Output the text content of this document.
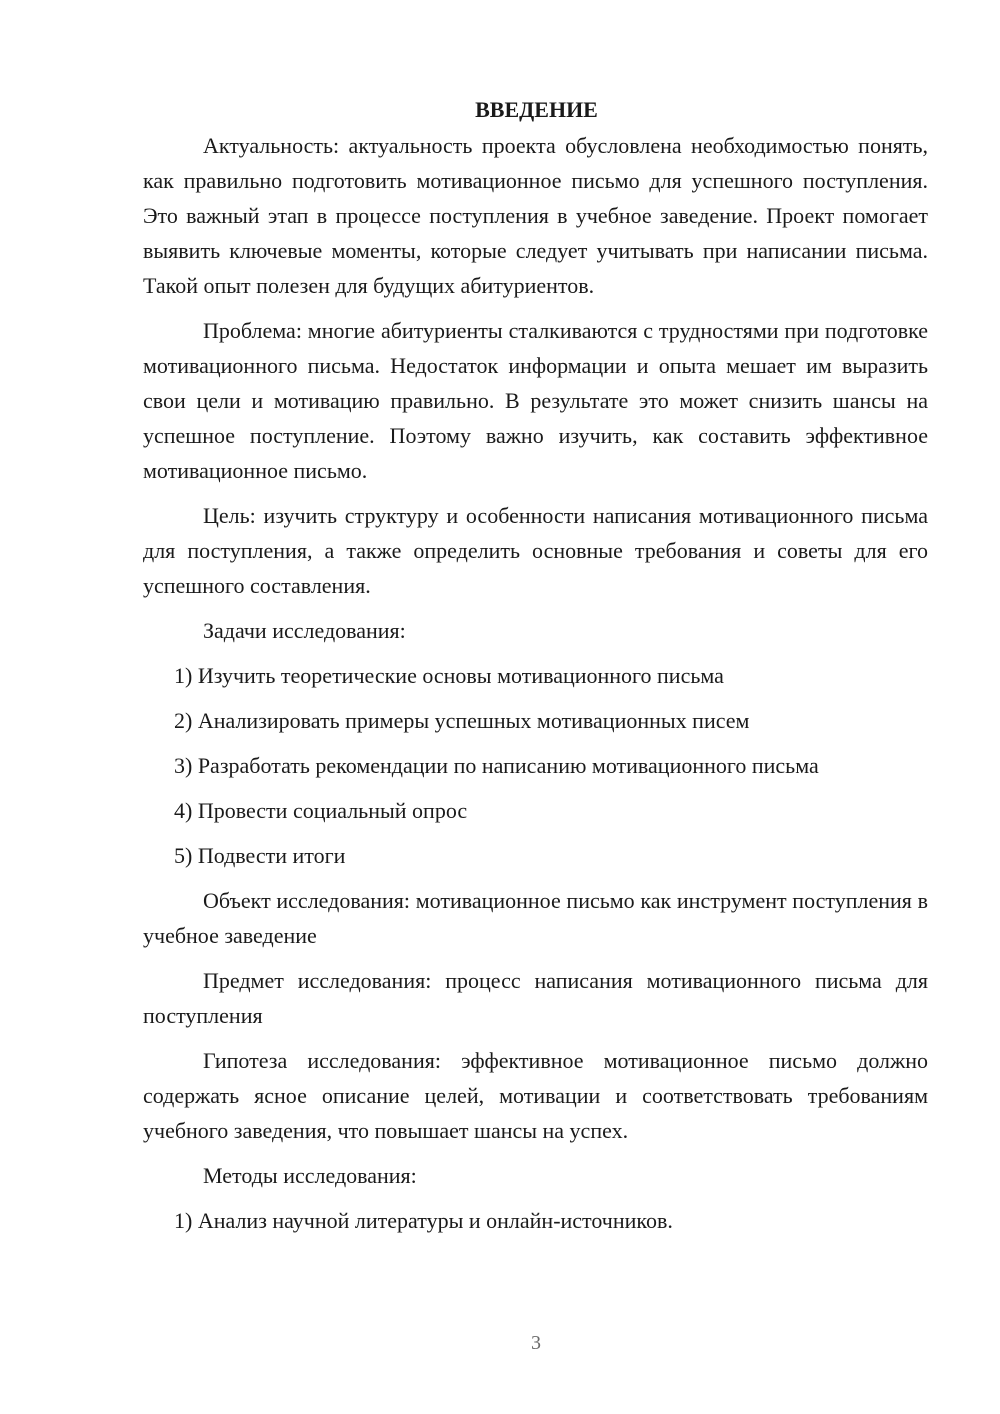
ВВЕДЕНИЕ

Актуальность: актуальность проекта обусловлена необходимостью понять, как правильно подготовить мотивационное письмо для успешного поступления. Это важный этап в процессе поступления в учебное заведение. Проект помогает выявить ключевые моменты, которые следует учитывать при написании письма. Такой опыт полезен для будущих абитуриентов.

Проблема: многие абитуриенты сталкиваются с трудностями при подготовке мотивационного письма. Недостаток информации и опыта мешает им выразить свои цели и мотивацию правильно. В результате это может снизить шансы на успешное поступление. Поэтому важно изучить, как составить эффективное мотивационное письмо.

Цель: изучить структуру и особенности написания мотивационного письма для поступления, а также определить основные требования и советы для его успешного составления.

Задачи исследования:

1) Изучить теоретические основы мотивационного письма
2) Анализировать примеры успешных мотивационных писем
3) Разработать рекомендации по написанию мотивационного письма
4) Провести социальный опрос
5) Подвести итоги

Объект исследования: мотивационное письмо как инструмент поступления в учебное заведение

Предмет исследования: процесс написания мотивационного письма для поступления

Гипотеза исследования: эффективное мотивационное письмо должно содержать ясное описание целей, мотивации и соответствовать требованиям учебного заведения, что повышает шансы на успех.

Методы исследования:

1) Анализ научной литературы и онлайн-источников.
3
